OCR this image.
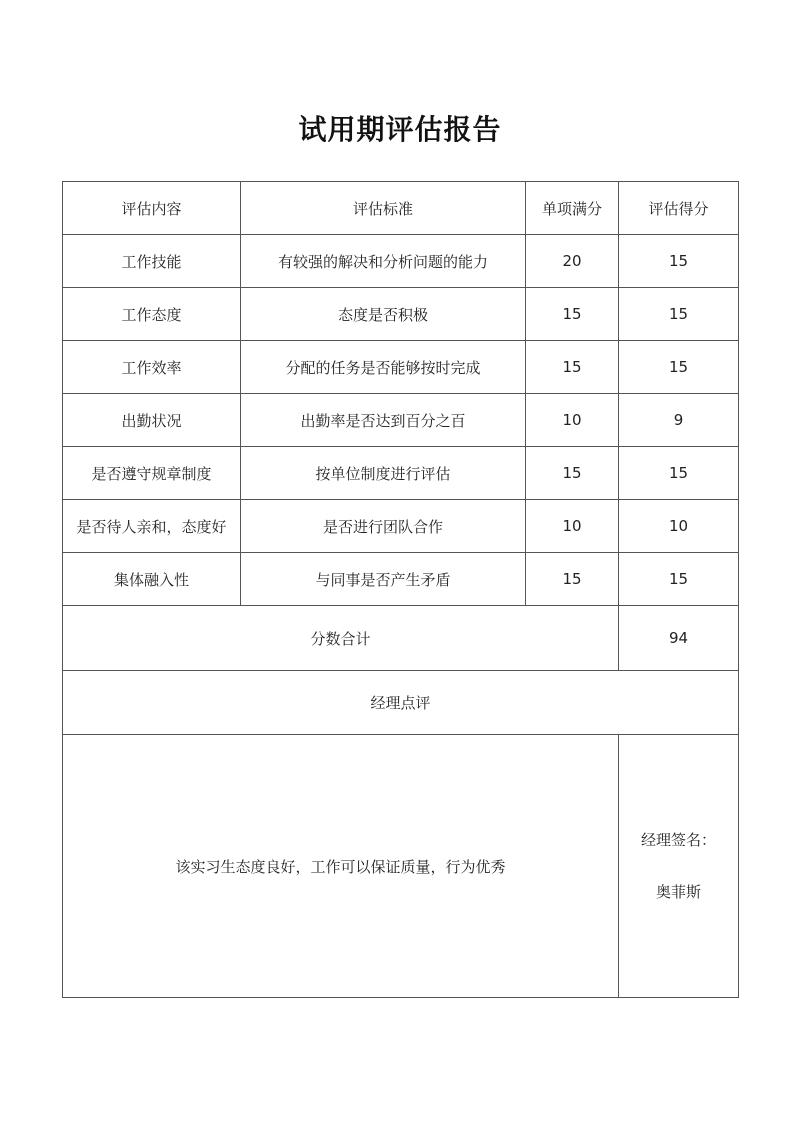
试用期评估报告
评估内容	评估标准	单项满分	评估得分
工作技能	有较强的解决和分析问题的能力	20	15
工作态度	态度是否积极	15	15
工作效率	分配的任务是否能够按时完成	15	15
出勤状况	出勤率是否达到百分之百	10	9
是否遵守规章制度	按单位制度进行评估	15	15
是否待人亲和，态度好	是否进行团队合作	10	10
集体融入性	与同事是否产生矛盾	15	15
分数合计			94
经理点评			
该实习生态度良好，工作可以保证质量，行为优秀			经理签名：
奥菲斯
